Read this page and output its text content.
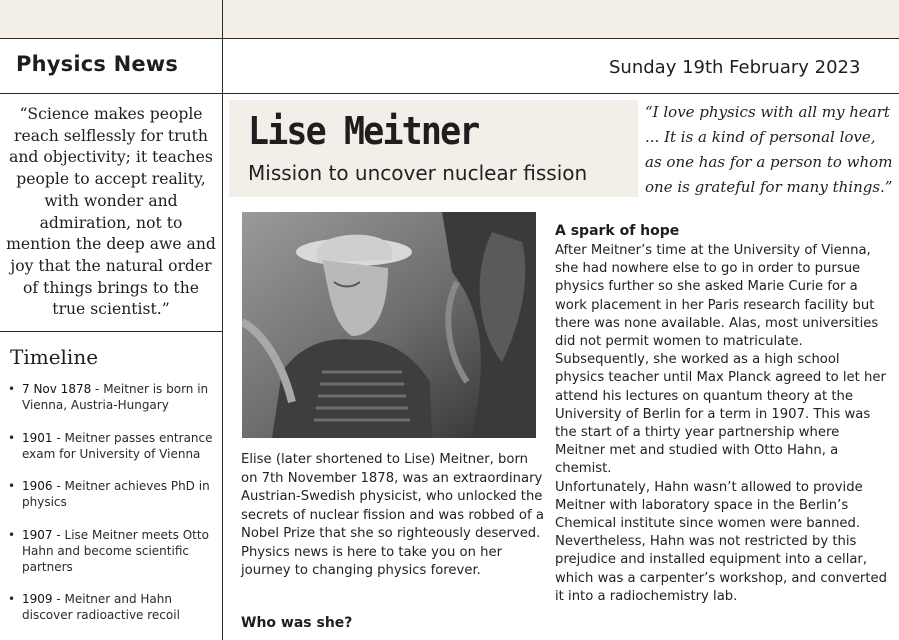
Physics News	Sunday 19th February 2023
“Science makes people reach selflessly for truth and objectivity; it teaches people to accept reality, with wonder and admiration, not to mention the deep awe and joy that the natural order of things brings to the true scientist.”
Timeline
• 7 Nov 1878 - Meitner is born in Vienna, Austria-Hungary
• 1901 - Meitner passes entrance exam for University of Vienna
• 1906 - Meitner achieves PhD in physics
• 1907 - Lise Meitner meets Otto Hahn and become scientific partners
• 1909 - Meitner and Hahn discover radioactive recoil
Lise Meitner
Mission to uncover nuclear fission
“I love physics with all my heart ... It is a kind of personal love, as one has for a person to whom one is grateful for many things.”
Elise (later shortened to Lise) Meitner, born on 7th November 1878, was an extraordinary Austrian-Swedish physicist, who unlocked the secrets of nuclear fission and was robbed of a Nobel Prize that she so righteously deserved. Physics news is here to take you on her journey to changing physics forever.
Who was she?
A spark of hope

After Meitner’s time at the University of Vienna, she had nowhere else to go in order to pursue physics further so she asked Marie Curie for a work placement in her Paris research facility but there was none available. Alas, most universities did not permit women to matriculate.

Subsequently, she worked as a high school physics teacher until Max Planck agreed to let her attend his lectures on quantum theory at the University of Berlin for a term in 1907. This was the start of a thirty year partnership where Meitner met and studied with Otto Hahn, a chemist.

Unfortunately, Hahn wasn’t allowed to provide Meitner with laboratory space in the Berlin’s Chemical institute since women were banned. Nevertheless, Hahn was not restricted by this prejudice and installed equipment into a cellar, which was a carpenter’s workshop, and converted it into a radiochemistry lab.
